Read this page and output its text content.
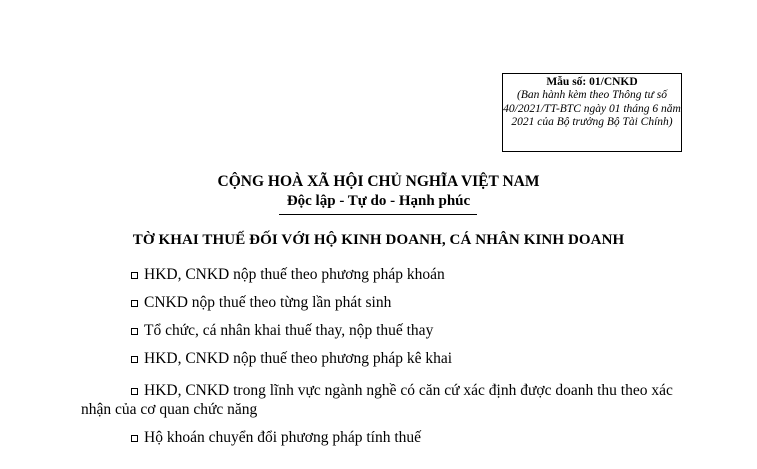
Mẫu số: 01/CNKD
(Ban hành kèm theo Thông tư số 40/2021/TT-BTC ngày 01 tháng 6 năm 2021 của Bộ trưởng Bộ Tài Chính)
CỘNG HOÀ XÃ HỘI CHỦ NGHĨA VIỆT NAM
Độc lập - Tự do - Hạnh phúc
TỜ KHAI THUẾ ĐỐI VỚI HỘ KINH DOANH, CÁ NHÂN KINH DOANH
HKD, CNKD nộp thuế theo phương pháp khoán
CNKD nộp thuế theo từng lần phát sinh
Tổ chức, cá nhân khai thuế thay, nộp thuế thay
HKD, CNKD nộp thuế theo phương pháp kê khai
HKD, CNKD trong lĩnh vực ngành nghề có căn cứ xác định được doanh thu theo xác nhận của cơ quan chức năng
Hộ khoán chuyển đổi phương pháp tính thuế
